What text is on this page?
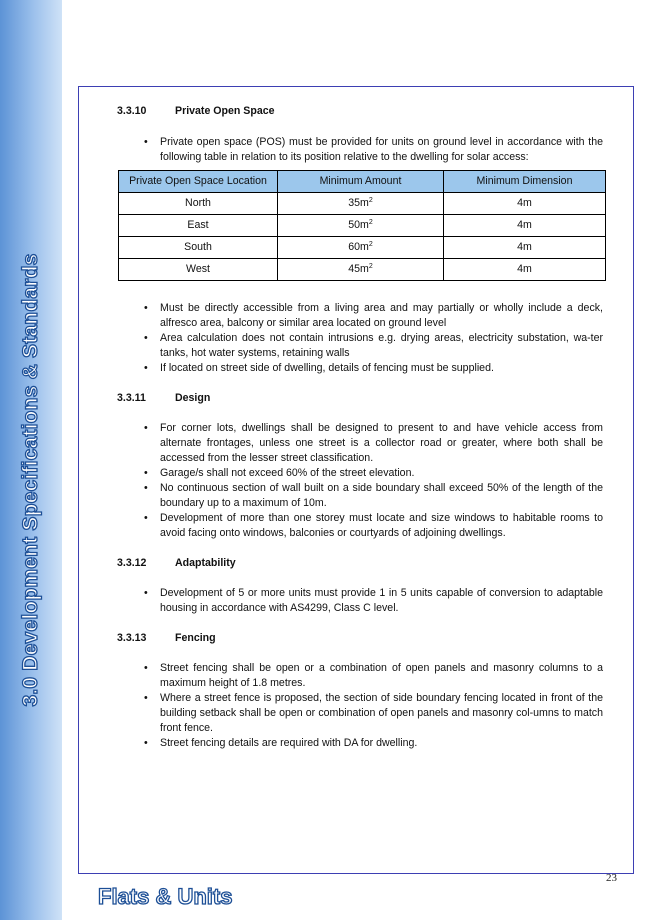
3.0 Development Specifications & Standards
3.3.10	Private Open Space
• Private open space (POS) must be provided for units on ground level in accordance with the following table in relation to its position relative to the dwelling for solar access:
Private Open Space Location	Minimum Amount	Minimum Dimension
North	$35m^2$	4m
East	$50m^2$	4m
South	$60m^2$	4m
West	$45m^2$	4m
• Must be directly accessible from a living area and may partially or wholly include a deck, alfresco area, balcony or similar area located on ground level
• Area calculation does not contain intrusions e.g. drying areas, electricity substation, wa-ter tanks, hot water systems, retaining walls
• If located on street side of dwelling, details of fencing must be supplied.
3.3.11	Design
• For corner lots, dwellings shall be designed to present to and have vehicle access from alternate frontages, unless one street is a collector road or greater, where both shall be accessed from the lesser street classification.
• Garage/s shall not exceed 60% of the street elevation.
• No continuous section of wall built on a side boundary shall exceed 50% of the length of the boundary up to a maximum of 10m.
• Development of more than one storey must locate and size windows to habitable rooms to avoid facing onto windows, balconies or courtyards of adjoining dwellings.
3.3.12	Adaptability
• Development of 5 or more units must provide 1 in 5 units capable of conversion to adaptable housing in accordance with AS4299, Class C level.
3.3.13	Fencing
• Street fencing shall be open or a combination of open panels and masonry columns to a maximum height of 1.8 metres.
• Where a street fence is proposed, the section of side boundary fencing located in front of the building setback shall be open or combination of open panels and masonry col-umns to match front fence.
• Street fencing details are required with DA for dwelling.
Flats & Units
23
